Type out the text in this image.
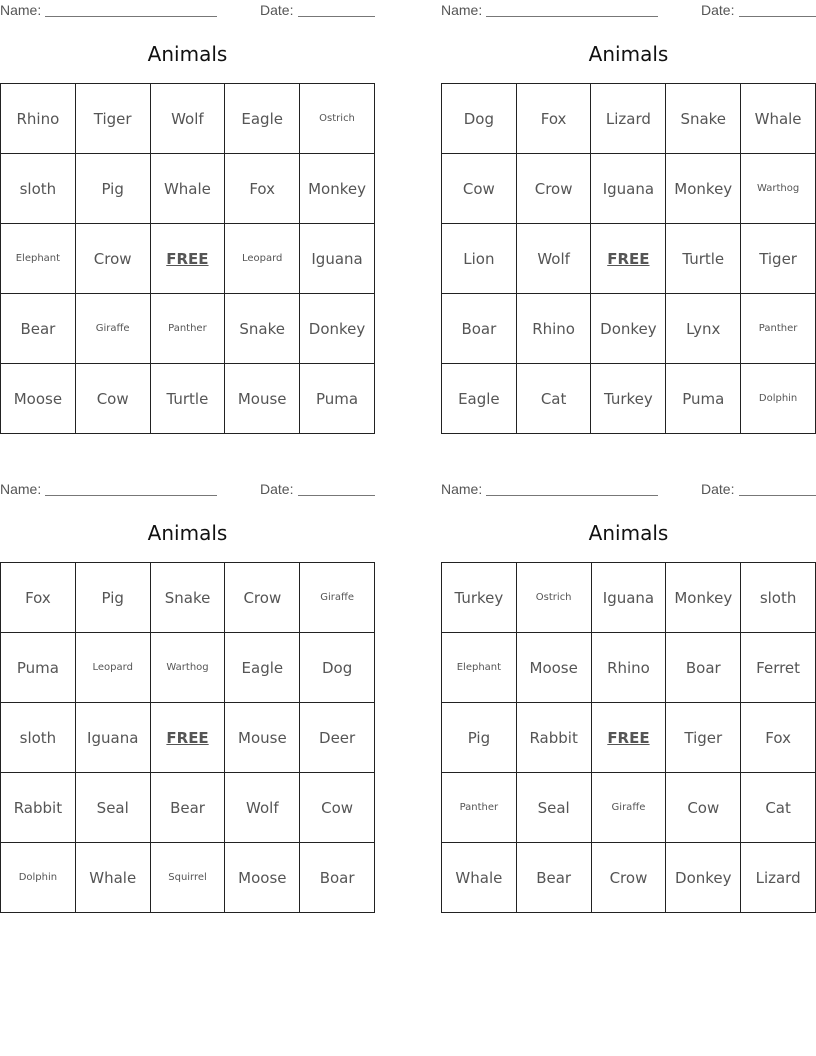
Name:	Date:
Animals
Rhino	Tiger	Wolf	Eagle	Ostrich
sloth	Pig	Whale	Fox	Monkey
Elephant	Crow	FREE	Leopard	Iguana
Bear	Giraffe	Panther	Snake	Donkey
Moose	Cow	Turtle	Mouse	Puma
Name:	Date:
Animals
Dog	Fox	Lizard	Snake	Whale
Cow	Crow	Iguana	Monkey	Warthog
Lion	Wolf	FREE	Turtle	Tiger
Boar	Rhino	Donkey	Lynx	Panther
Eagle	Cat	Turkey	Puma	Dolphin
Name:	Date:
Animals
Fox	Pig	Snake	Crow	Giraffe
Puma	Leopard	Warthog	Eagle	Dog
sloth	Iguana	FREE	Mouse	Deer
Rabbit	Seal	Bear	Wolf	Cow
Dolphin	Whale	Squirrel	Moose	Boar
Name:	Date:
Animals
Turkey	Ostrich	Iguana	Monkey	sloth
Elephant	Moose	Rhino	Boar	Ferret
Pig	Rabbit	FREE	Tiger	Fox
Panther	Seal	Giraffe	Cow	Cat
Whale	Bear	Crow	Donkey	Lizard
